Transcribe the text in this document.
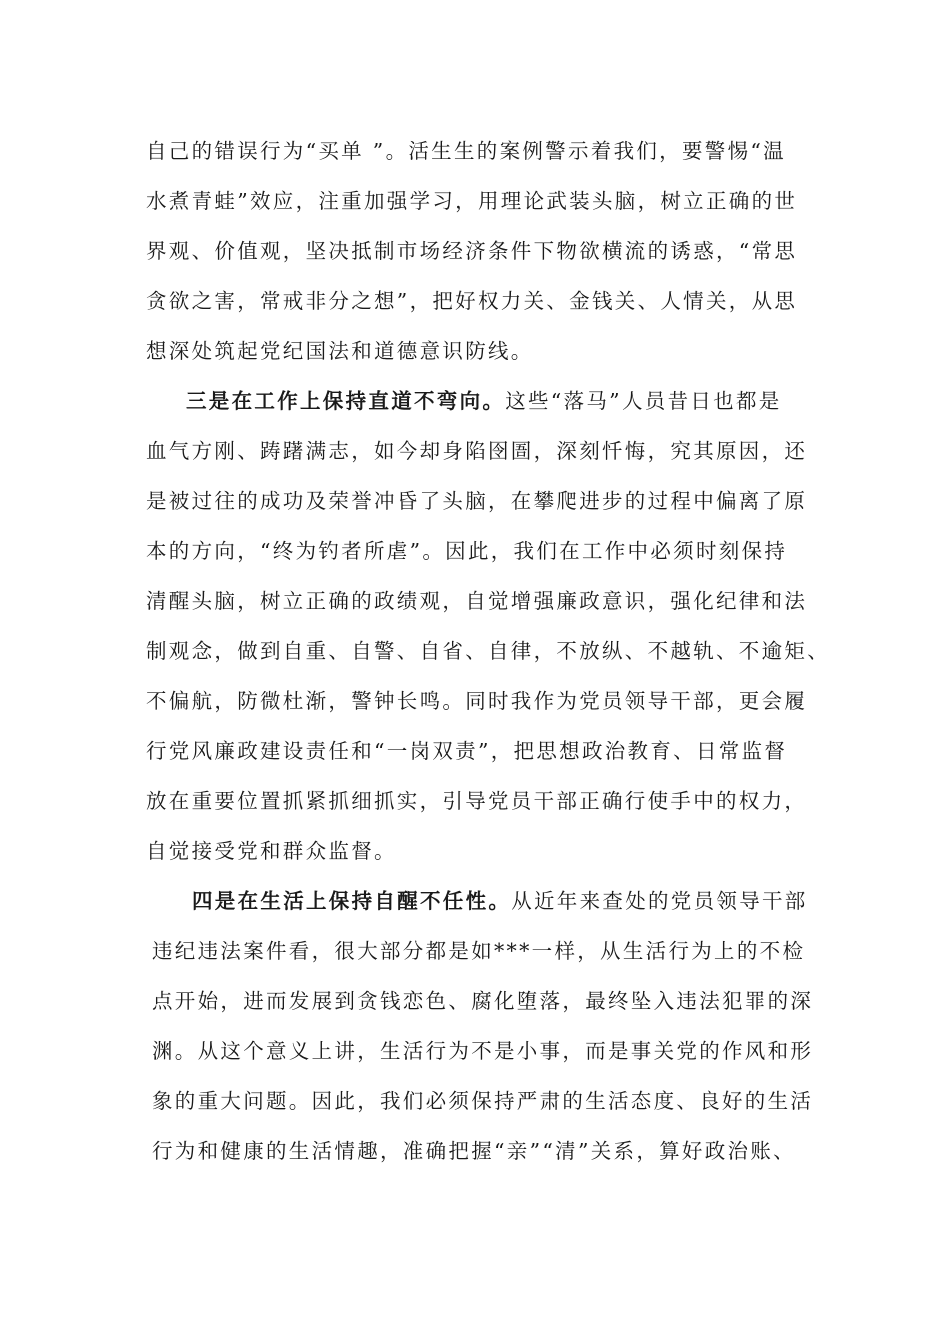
自己的错误行为“买单 ”。活生生的案例警示着我们，要警惕“温
水煮青蛙”效应，注重加强学习，用理论武装头脑，树立正确的世
界观、价值观，坚决抵制市场经济条件下物欲横流的诱惑，“常思
贪欲之害，常戒非分之想”，把好权力关、金钱关、人情关，从思
想深处筑起党纪国法和道德意识防线。
三是在工作上保持直道不弯向。这些“落马”人员昔日也都是
血气方刚、踌躇满志，如今却身陷囹圄，深刻忏悔，究其原因，还
是被过往的成功及荣誉冲昏了头脑，在攀爬进步的过程中偏离了原
本的方向，“终为钓者所虐”。因此，我们在工作中必须时刻保持
清醒头脑，树立正确的政绩观，自觉增强廉政意识，强化纪律和法
制观念，做到自重、自警、自省、自律，不放纵、不越轨、不逾矩、
不偏航，防微杜渐，警钟长鸣。同时我作为党员领导干部，更会履
行党风廉政建设责任和“一岗双责”，把思想政治教育、日常监督
放在重要位置抓紧抓细抓实，引导党员干部正确行使手中的权力，
自觉接受党和群众监督。
四是在生活上保持自醒不任性。从近年来查处的党员领导干部
违纪违法案件看，很大部分都是如***一样，从生活行为上的不检
点开始，进而发展到贪钱恋色、腐化堕落，最终坠入违法犯罪的深
渊。从这个意义上讲，生活行为不是小事，而是事关党的作风和形
象的重大问题。因此，我们必须保持严肃的生活态度、良好的生活
行为和健康的生活情趣，准确把握“亲”“清”关系，算好政治账、
